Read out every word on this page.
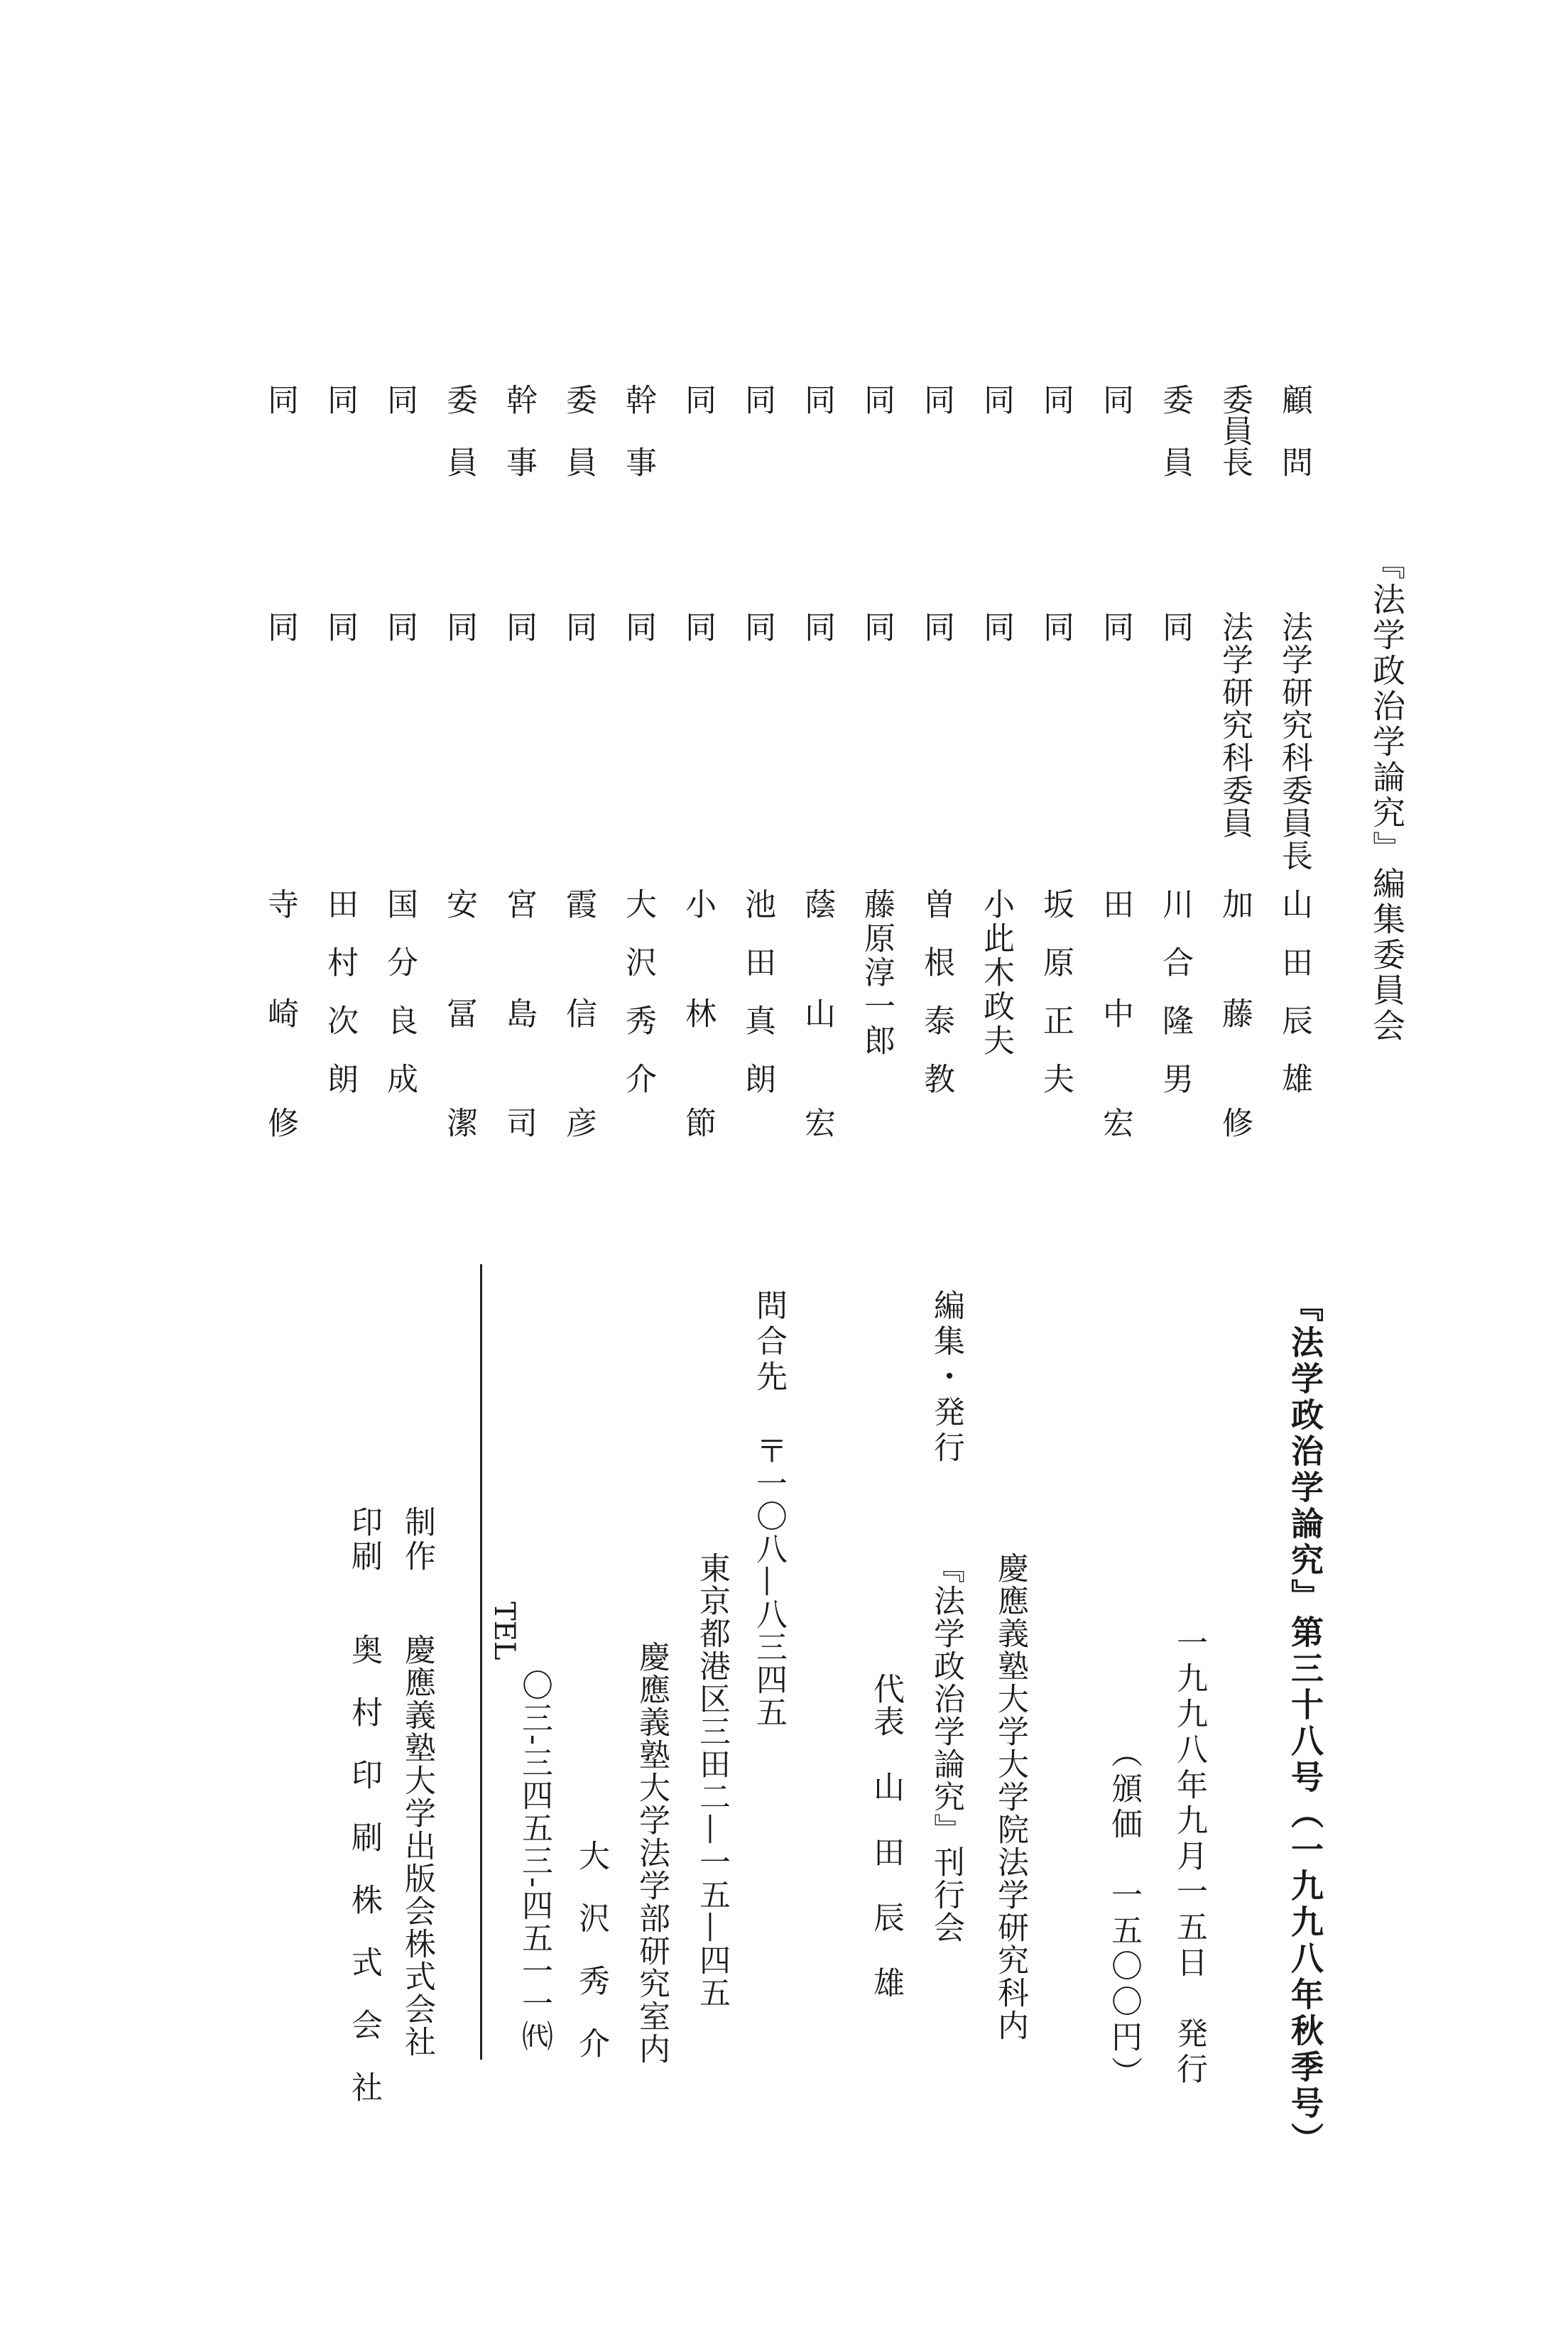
『法学政治学論究』編集委員会
顧問
法学研究科委員長
山田辰雄
委員長
法学研究科委員
加藤修
委員
同
川合隆男
同
同
田中宏
同
同
坂原正夫
同
同
小此木政夫
同
同
曽根泰教
同
同
藤原淳一郎
同
同
蔭山宏
同
同
池田真朗
同
同
小林節
幹事
同
大沢秀介
委員
同
霞信彦
幹事
同
宮島司
委員
同
安冨潔
同
同
国分良成
同
同
田村次朗
同
同
寺崎修
『法学政治学論究』第三十八号（一九九八年秋季号）
一九九八年九月一五日　発行
（頒価　一五〇〇円）
編集・発行
慶應義塾大学大学院法学研究科内
『法学政治学論究』刊行会
代表　山　田　辰　雄
問合先
〒一〇八—八三四五
東京都港区三田二—一五—四五
慶應義塾大学法学部研究室内
大　沢　秀　介
TEL
〇三-三四五三-四五一一㈹
制作
慶應義塾大学出版会株式会社
印刷
奥　村　印　刷　株　式　会　社
